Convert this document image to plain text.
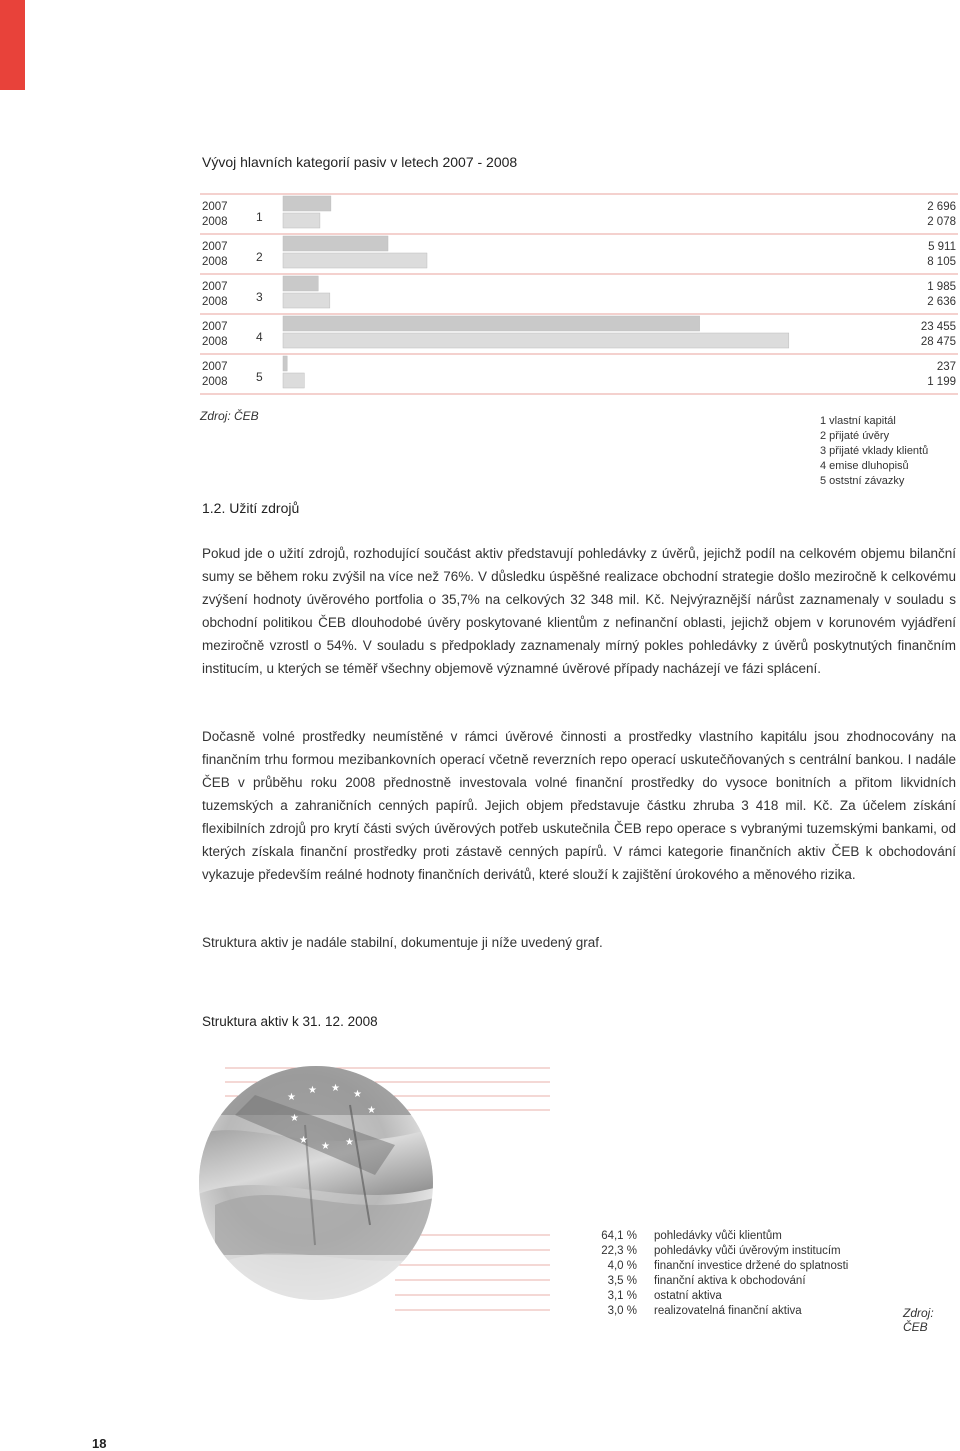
Vývoj hlavních kategorií pasiv v letech 2007 - 2008
2007
2008 1
2 696
2 078
2007
2008 2
5 911
8 105
2007
2008 3
1 985
2 636
2007
2008 4
23 455
28 475
2007
2008 5
237
1 199
Zdroj: ČEB	1 vlastní kapitál
2 přijaté úvěry
3 přijaté vklady klientů
4 emise dluhopisů
5 oststní závazky
1.2. Užití zdrojů

Pokud jde o užití zdrojů, rozhodující součást aktiv představují pohledávky z úvěrů, jejichž podíl na celkovém objemu bilanční sumy se během roku zvýšil na více než 76%. V důsledku úspěšné realizace obchodní strategie došlo meziročně k celkovému zvýšení hodnoty úvěrového portfolia o 35,7% na celkových 32 348 mil. Kč. Nejvýraznější nárůst zaznamenaly v souladu s obchodní politikou ČEB dlouhodobé úvěry poskytované klientům z nefinanční oblasti, jejichž objem v korunovém vyjádření meziročně vzrostl o 54%. V souladu s předpoklady zaznamenaly mírný pokles pohledávky z úvěrů poskytnutých finančním institucím, u kterých se téměř všechny objemově významné úvěrové případy nacházejí ve fázi splácení.

Dočasně volné prostředky neumístěné v rámci úvěrové činnosti a prostředky vlastního kapitálu jsou zhodnocovány na finančním trhu formou mezibankovních operací včetně reverzních repo operací uskutečňovaných s centrální bankou. I nadále ČEB v průběhu roku 2008 přednostně investovala volné finanční prostředky do vysoce bonitních a přitom likvidních tuzemských a zahraničních cenných papírů. Jejich objem představuje částku zhruba 3 418 mil. Kč. Za účelem získání flexibilních zdrojů pro krytí části svých úvěrových potřeb uskutečnila ČEB repo operace s vybranými tuzemskými bankami, od kterých získala finanční prostředky proti zástavě cenných papírů. V rámci kategorie finančních aktiv ČEB k obchodování vykazuje především reálné hodnoty finančních derivátů, které slouží k zajištění úrokového a měnového rizika.

Struktura aktiv je nadále stabilní, dokumentuje ji níže uvedený graf.

Struktura aktiv k 31. 12. 2008
★ ★
★
★
★
★
★
★ ★
64,1 % pohledávky vůči klientům
22,3 % pohledávky vůči úvěrovým institucím
4,0 % finanční investice držené do splatnosti
3,5 % finanční aktiva k obchodování
3,1 % ostatní aktiva
3,0 % realizovatelná finanční aktiva	Zdroj: ČEB
18
